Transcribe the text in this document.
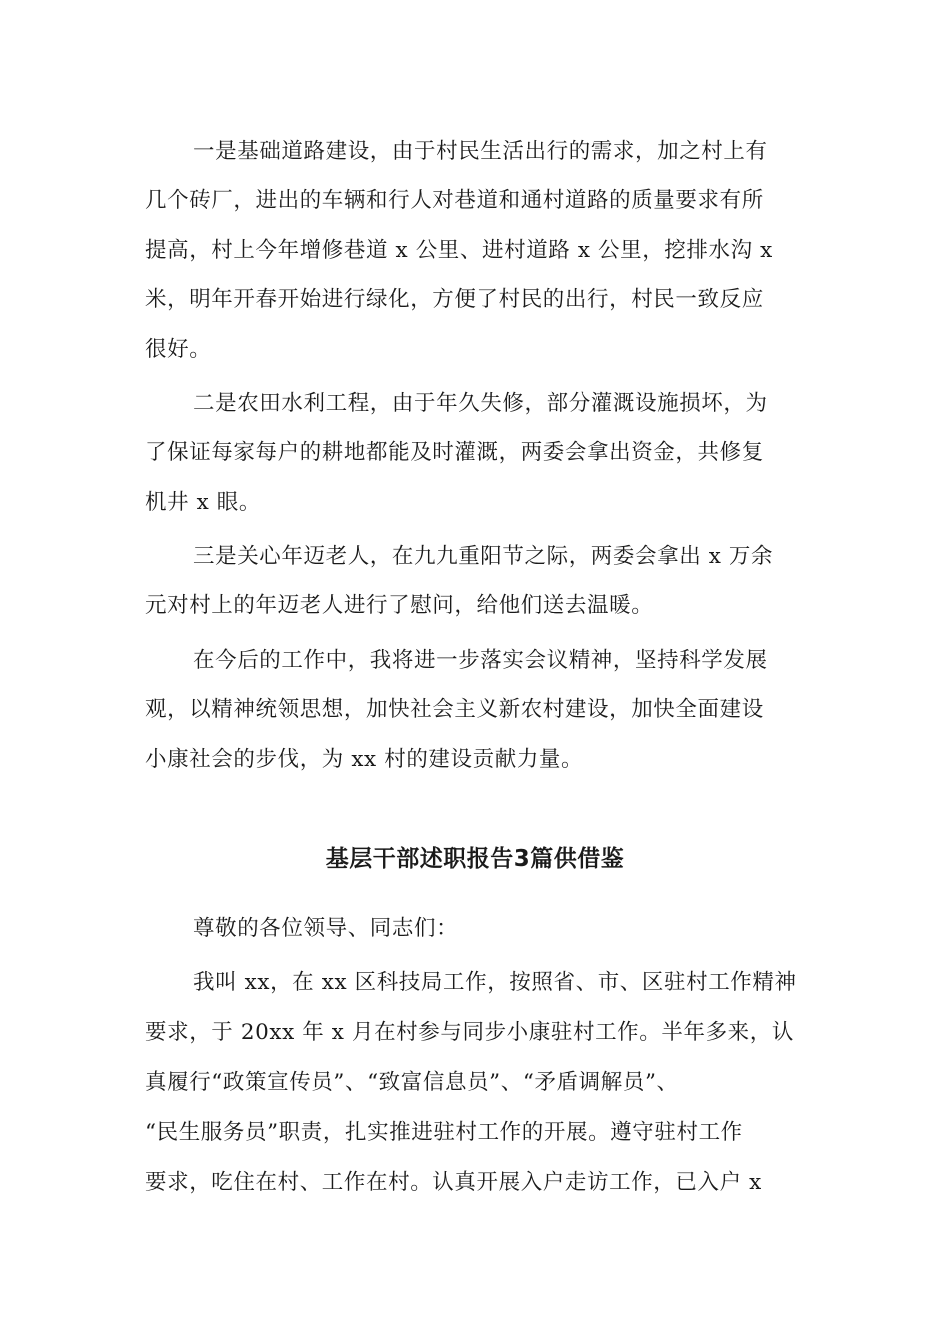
一是基础道路建设，由于村民生活出行的需求，加之村上有
几个砖厂，进出的车辆和行人对巷道和通村道路的质量要求有所
提高，村上今年增修巷道 x 公里、进村道路 x 公里，挖排水沟 x
米，明年开春开始进行绿化，方便了村民的出行，村民一致反应
很好。
二是农田水利工程，由于年久失修，部分灌溉设施损坏，为
了保证每家每户的耕地都能及时灌溉，两委会拿出资金，共修复
机井 x 眼。
三是关心年迈老人，在九九重阳节之际，两委会拿出 x 万余
元对村上的年迈老人进行了慰问，给他们送去温暖。
在今后的工作中，我将进一步落实会议精神，坚持科学发展
观，以精神统领思想，加快社会主义新农村建设，加快全面建设
小康社会的步伐，为 xx 村的建设贡献力量。
基层干部述职报告3篇供借鉴
尊敬的各位领导、同志们：
我叫 xx，在 xx 区科技局工作，按照省、市、区驻村工作精神
要求，于 20xx 年 x 月在村参与同步小康驻村工作。半年多来，认
真履行“政策宣传员”、“致富信息员”、“矛盾调解员”、
“民生服务员”职责，扎实推进驻村工作的开展。遵守驻村工作
要求，吃住在村、工作在村。认真开展入户走访工作，已入户 x
